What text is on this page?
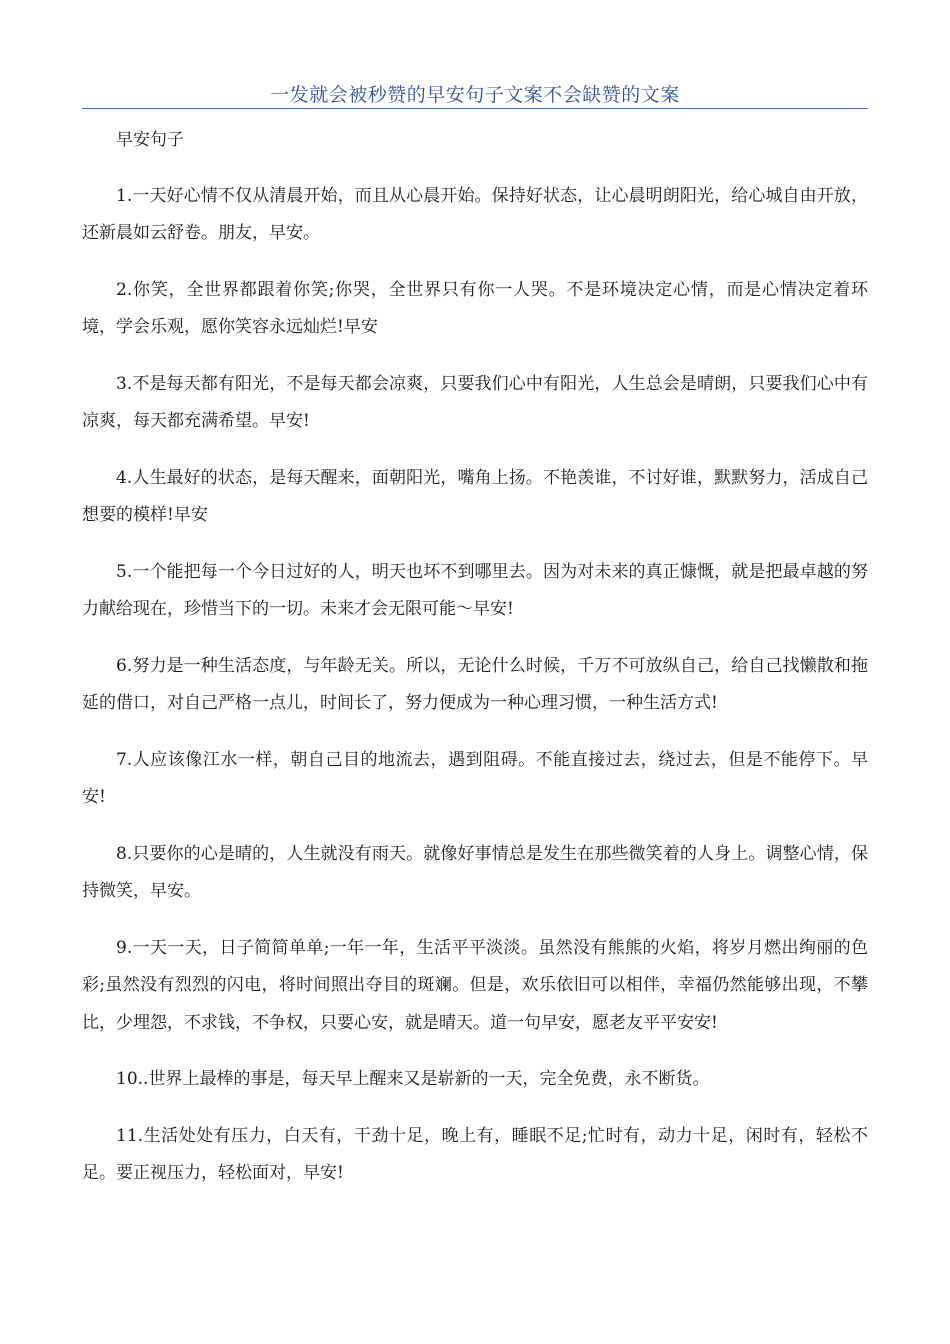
一发就会被秒赞的早安句子文案不会缺赞的文案

早安句子

1.一天好心情不仅从清晨开始，而且从心晨开始。保持好状态，让心晨明朗阳光，给心城自由开放，还新晨如云舒卷。朋友，早安。

2.你笑，全世界都跟着你笑;你哭，全世界只有你一人哭。不是环境决定心情，而是心情决定着环境，学会乐观，愿你笑容永远灿烂!早安

3.不是每天都有阳光，不是每天都会凉爽，只要我们心中有阳光，人生总会是晴朗，只要我们心中有凉爽，每天都充满希望。早安!

4.人生最好的状态，是每天醒来，面朝阳光，嘴角上扬。不艳羡谁，不讨好谁，默默努力，活成自己想要的模样!早安

5.一个能把每一个今日过好的人，明天也坏不到哪里去。因为对未来的真正慷慨，就是把最卓越的努力献给现在，珍惜当下的一切。未来才会无限可能～早安!

6.努力是一种生活态度，与年龄无关。所以，无论什么时候，千万不可放纵自己，给自己找懒散和拖延的借口，对自己严格一点儿，时间长了，努力便成为一种心理习惯，一种生活方式!

7.人应该像江水一样，朝自己目的地流去，遇到阻碍。不能直接过去，绕过去，但是不能停下。早安!

8.只要你的心是晴的，人生就没有雨天。就像好事情总是发生在那些微笑着的人身上。调整心情，保持微笑，早安。

9.一天一天，日子简简单单;一年一年，生活平平淡淡。虽然没有熊熊的火焰，将岁月燃出绚丽的色彩;虽然没有烈烈的闪电，将时间照出夺目的斑斓。但是，欢乐依旧可以相伴，幸福仍然能够出现，不攀比，少埋怨，不求钱，不争权，只要心安，就是晴天。道一句早安，愿老友平平安安!

10..世界上最棒的事是，每天早上醒来又是崭新的一天，完全免费，永不断货。

11.生活处处有压力，白天有，干劲十足，晚上有，睡眠不足;忙时有，动力十足，闲时有，轻松不足。要正视压力，轻松面对，早安!
